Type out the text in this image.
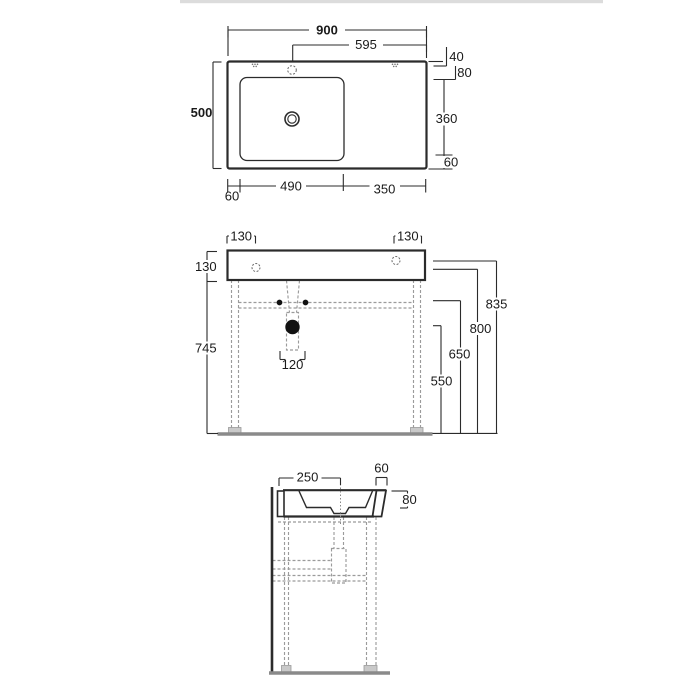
900
595
500
40
80
360
60
490	350
60
130	130
130
745
120
835
800
650
550
250
60
80
